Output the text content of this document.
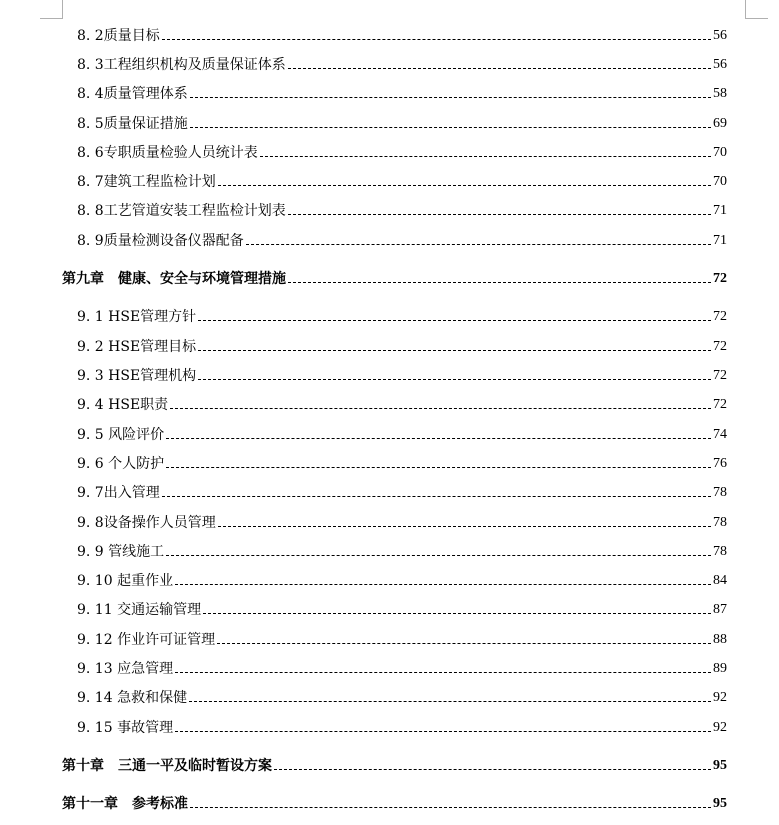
8. 2质量目标	56
8. 3工程组织机构及质量保证体系	56
8. 4质量管理体系	58
8. 5质量保证措施	69
8. 6专职质量检验人员统计表	70
8. 7建筑工程监检计划	70
8. 8工艺管道安装工程监检计划表	71
8. 9质量检测设备仪器配备	71
第九章　健康、安全与环境管理措施	72
9. 1 HSE管理方针	72
9. 2 HSE管理目标	72
9. 3 HSE管理机构	72
9. 4 HSE职责	72
9. 5 风险评价	74
9. 6 个人防护	76
9. 7出入管理	78
9. 8设备操作人员管理	78
9. 9 管线施工	78
9. 10 起重作业	84
9. 11 交通运输管理	87
9. 12 作业许可证管理	88
9. 13 应急管理	89
9. 14 急救和保健	92
9. 15 事故管理	92
第十章　三通一平及临时暂设方案	95
第十一章　参考标准	95
